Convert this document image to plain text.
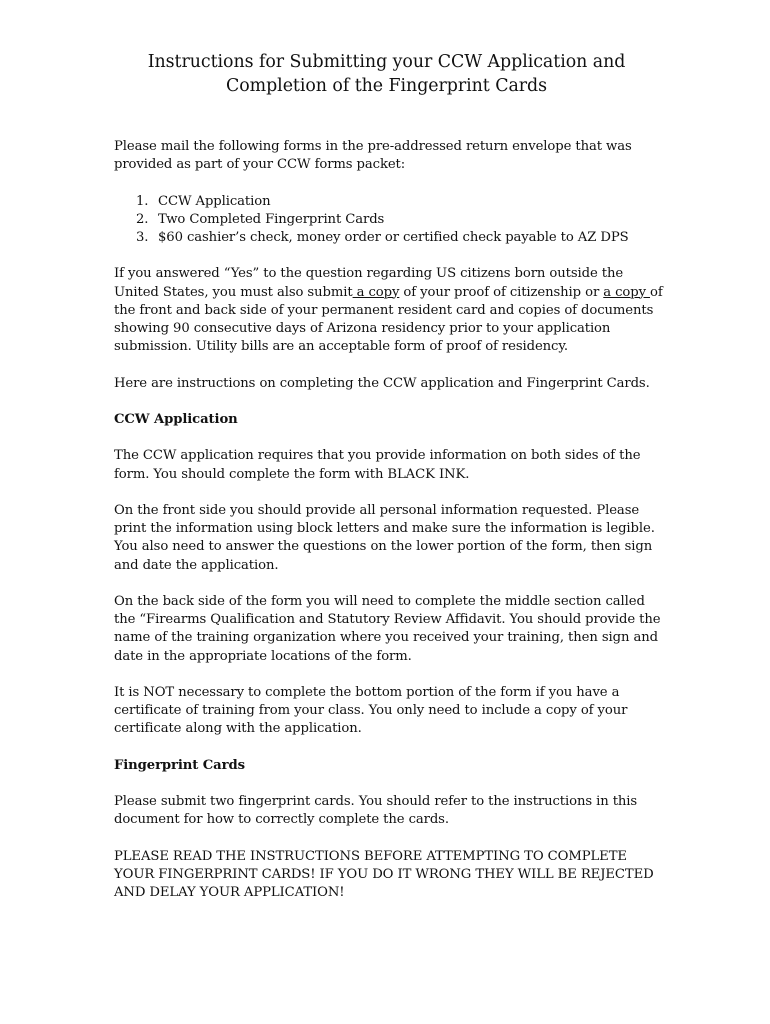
Instructions for Submitting your CCW Application and
Completion of the Fingerprint Cards

Please mail the following forms in the pre-addressed return envelope that was provided as part of your CCW forms packet:

1. CCW Application
2. Two Completed Fingerprint Cards
3. $60 cashier’s check, money order or certified check payable to AZ DPS

If you answered “Yes” to the question regarding US citizens born outside the United States, you must also submit a copy of your proof of citizenship or a copy of the front and back side of your permanent resident card and copies of documents showing 90 consecutive days of Arizona residency prior to your application submission. Utility bills are an acceptable form of proof of residency.

Here are instructions on completing the CCW application and Fingerprint Cards.

CCW Application

The CCW application requires that you provide information on both sides of the form. You should complete the form with BLACK INK.

On the front side you should provide all personal information requested. Please print the information using block letters and make sure the information is legible. You also need to answer the questions on the lower portion of the form, then sign and date the application.

On the back side of the form you will need to complete the middle section called the “Firearms Qualification and Statutory Review Affidavit. You should provide the name of the training organization where you received your training, then sign and date in the appropriate locations of the form.

It is NOT necessary to complete the bottom portion of the form if you have a certificate of training from your class. You only need to include a copy of your certificate along with the application.

Fingerprint Cards

Please submit two fingerprint cards. You should refer to the instructions in this document for how to correctly complete the cards.

PLEASE READ THE INSTRUCTIONS BEFORE ATTEMPTING TO COMPLETE YOUR FINGERPRINT CARDS! IF YOU DO IT WRONG THEY WILL BE REJECTED AND DELAY YOUR APPLICATION!
